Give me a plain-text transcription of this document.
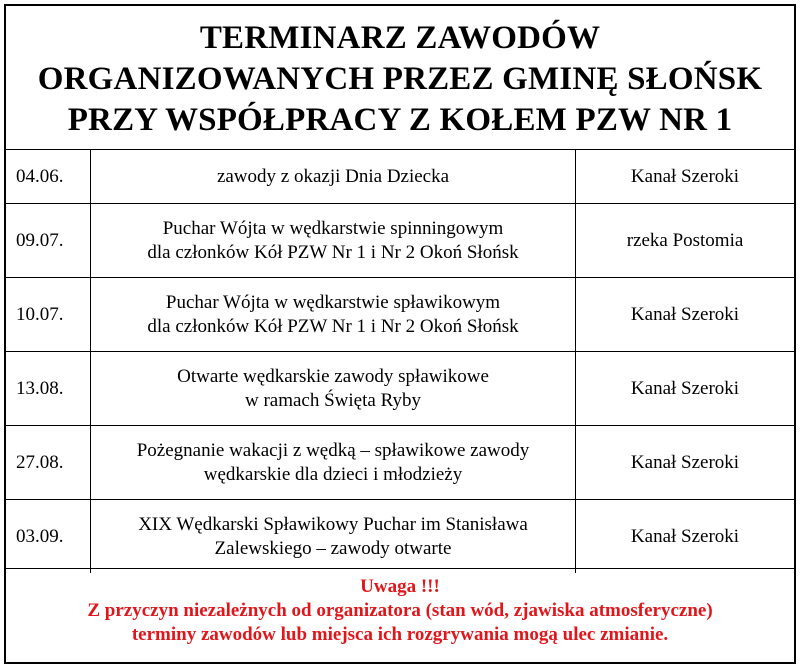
TERMINARZ ZAWODÓW
ORGANIZOWANYCH PRZEZ GMINĘ SŁOŃSK
PRZY WSPÓŁPRACY Z KOŁEM PZW NR 1
04.06.	zawody z okazji Dnia Dziecka	Kanał Szeroki
09.07.	Puchar Wójta w wędkarstwie spinningowym
dla członków Kół PZW Nr 1 i Nr 2 Okoń Słońsk	rzeka Postomia
10.07.	Puchar Wójta w wędkarstwie spławikowym
dla członków Kół PZW Nr 1 i Nr 2 Okoń Słońsk	Kanał Szeroki
13.08.	Otwarte wędkarskie zawody spławikowe
w ramach Święta Ryby	Kanał Szeroki
27.08.	Pożegnanie wakacji z wędką – spławikowe zawody
wędkarskie dla dzieci i młodzieży	Kanał Szeroki
03.09.	XIX Wędkarski Spławikowy Puchar im Stanisława
Zalewskiego – zawody otwarte	Kanał Szeroki
Uwaga !!!
Z przyczyn niezależnych od organizatora (stan wód, zjawiska atmosferyczne)
terminy zawodów lub miejsca ich rozgrywania mogą ulec zmianie.
